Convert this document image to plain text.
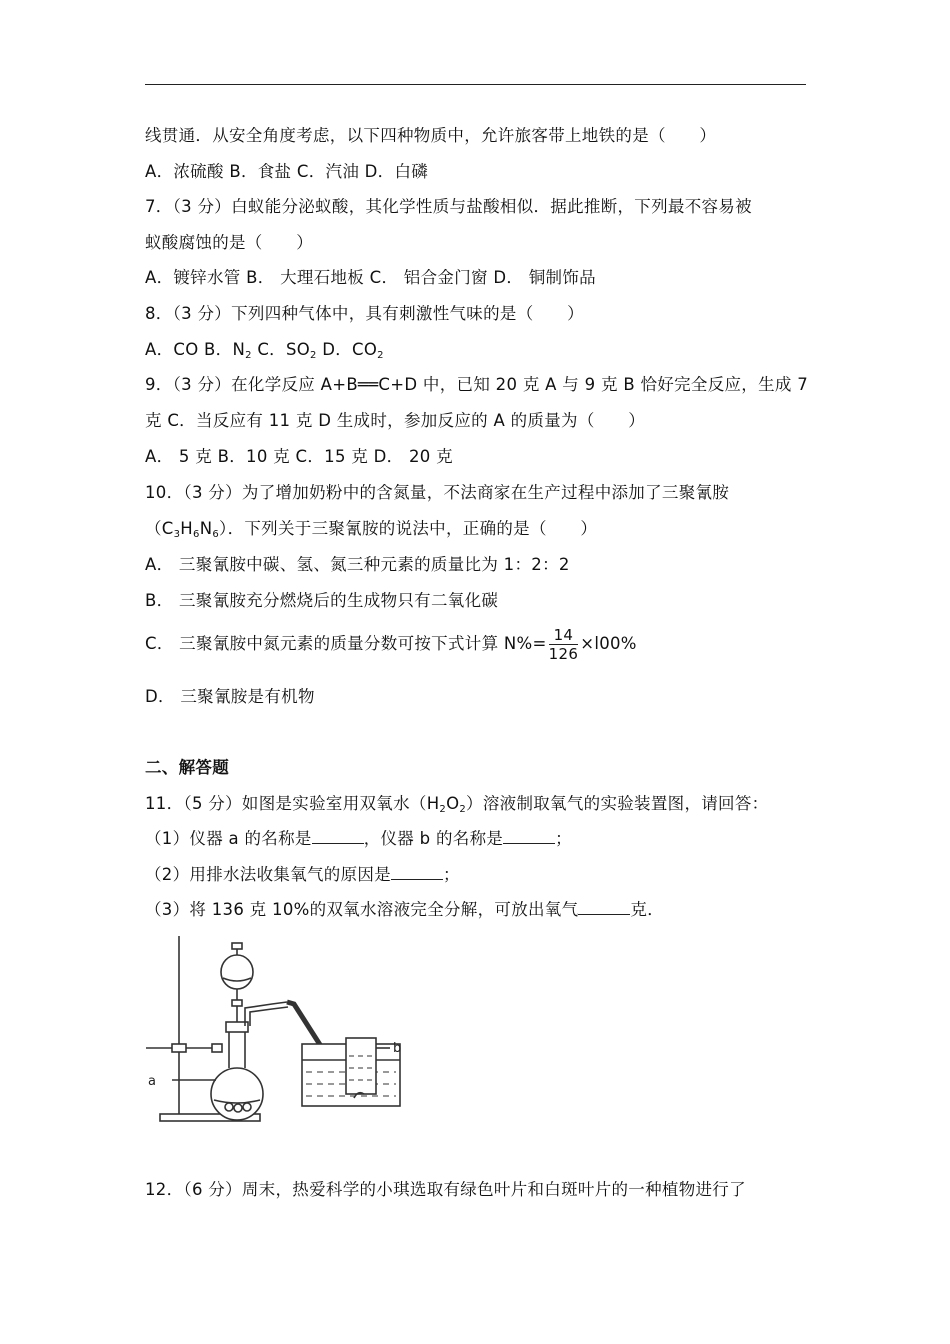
线贯通．从安全角度考虑，以下四种物质中，允许旅客带上地铁的是（　　）
A．浓硫酸 B．食盐 C．汽油 D．白磷
7．（3 分）白蚁能分泌蚁酸，其化学性质与盐酸相似．据此推断，下列最不容易被
蚁酸腐蚀的是（　　）
A．镀锌水管 B． 大理石地板 C． 铝合金门窗 D． 铜制饰品
8．（3 分）下列四种气体中，具有刺激性气味的是（　　）
A．CO B．$N_2$ C．$SO_2$ D．$CO_2$
9．（3 分）在化学反应 A+B══C+D 中，已知 20 克 A 与 9 克 B 恰好完全反应，生成 7
克 C．当反应有 11 克 D 生成时，参加反应的 A 的质量为（　　）
A． 5 克 B．10 克 C．15 克 D． 20 克
10．（3 分）为了增加奶粉中的含氮量，不法商家在生产过程中添加了三聚氰胺
$(C_3H_6N_6)$．下列关于三聚氰胺的说法中，正确的是（　　）
A． 三聚氰胺中碳、氢、氮三种元素的质量比为 1：2：2
B． 三聚氰胺充分燃烧后的生成物只有二氧化碳
C． 三聚氰胺中氮元素的质量分数可按下式计算 $N\%= \frac{14}{126} \times l00\%$
D． 三聚氰胺是有机物
二、解答题
11．（5 分）如图是实验室用双氧水$(H_2O_2)$溶液制取氧气的实验装置图，请回答：
（1）仪器 a 的名称是	，仪器 b 的名称是	；
（2）用排水法收集氧气的原因是	；
（3）将 136 克 10%的双氧水溶液完全分解，可放出氧气	克．
a
b
12．（6 分）周末，热爱科学的小琪选取有绿色叶片和白斑叶片的一种植物进行了
